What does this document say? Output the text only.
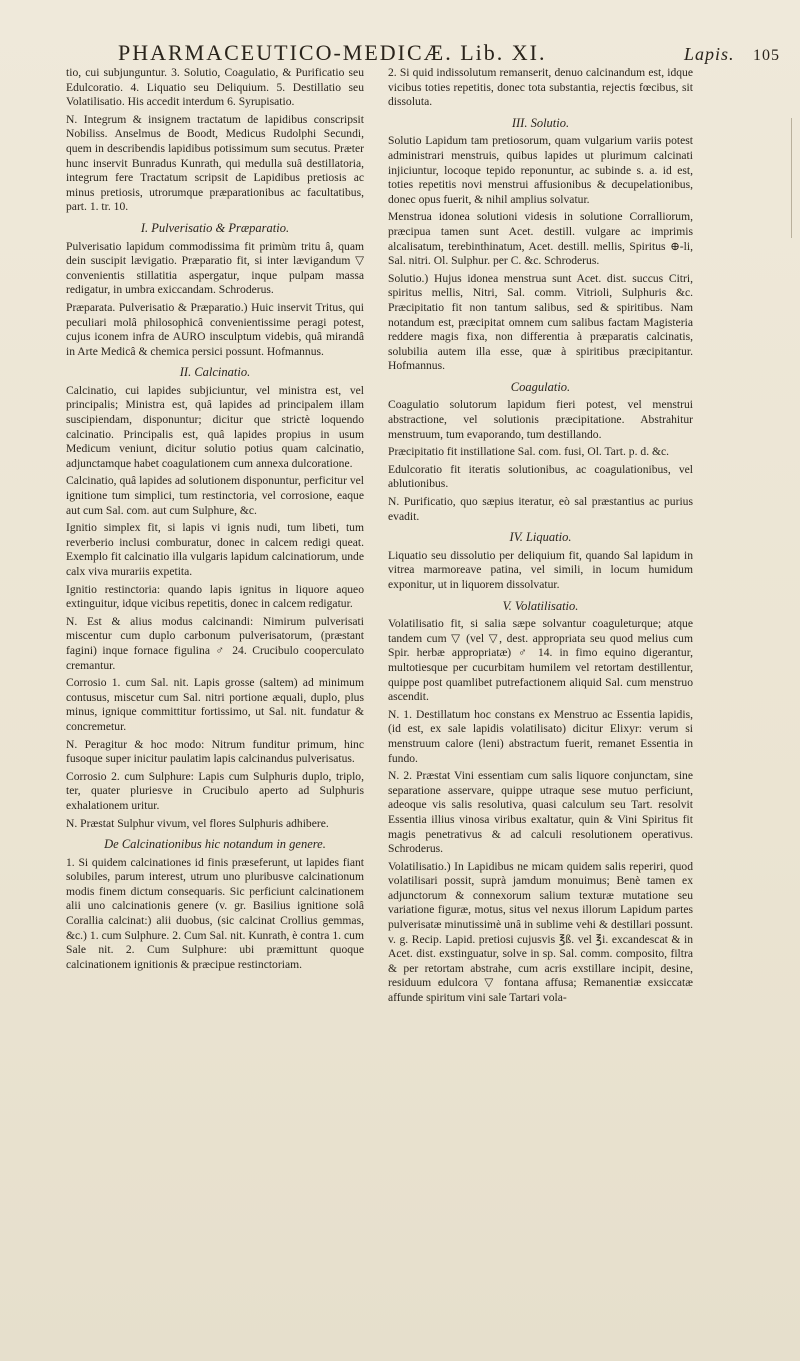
PHARMACEUTICO-MEDICÆ. Lib. XI.	Lapis. 105

tio, cui subjunguntur. 3. Solutio, Coagulatio, & Purificatio seu Edulcoratio. 4. Liquatio seu Deliquium. 5. Destillatio seu Volatilisatio. His accedit interdum 6. Syrupisatio.

N. Integrum & insignem tractatum de lapidibus conscripsit Nobiliss. Anselmus de Boodt, Medicus Rudolphi Secundi, quem in describendis lapidibus potissimum sum secutus. Præter hunc inservit Bunradus Kunrath, qui medulla suâ destillatoria, integrum fere Tractatum scripsit de Lapidibus pretiosis ac minus pretiosis, utrorumque præparationibus ac facultatibus, part. 1. tr. 10.

I. Pulverisatio & Præparatio.

Pulverisatio lapidum commodissima fit primùm tritu â, quam dein suscipit lævigatio. Præparatio fit, si inter lævigandum ▽ convenientis stillatitia aspergatur, inque pulpam massa redigatur, in umbra exiccandam. Schroderus.

Præparata. Pulverisatio & Præparatio.) Huic inservit Tritus, qui peculiari molâ philosophicâ convenientissime peragi potest, cujus iconem infra de AURO insculptum videbis, quâ mirandâ in Arte Medicâ & chemica persici possunt. Hofmannus.

II. Calcinatio.

Calcinatio, cui lapides subjiciuntur, vel ministra est, vel principalis; Ministra est, quâ lapides ad principalem illam suscipiendam, disponuntur; dicitur que strictè loquendo calcinatio. Principalis est, quâ lapides propius in usum Medicum veniunt, dicitur solutio potius quam calcinatio, adjunctamque habet coagulationem cum annexa dulcoratione.

Calcinatio, quâ lapides ad solutionem disponuntur, perficitur vel ignitione tum simplici, tum restinctoria, vel corrosione, eaque aut cum Sal. com. aut cum Sulphure, &c.

Ignitio simplex fit, si lapis vi ignis nudi, tum libeti, tum reverberio inclusi comburatur, donec in calcem redigi queat. Exemplo fit calcinatio illa vulgaris lapidum calcinatiorum, unde calx viva murariis expetita.

Ignitio restinctoria: quando lapis ignitus in liquore aqueo extinguitur, idque vicibus repetitis, donec in calcem redigatur.

N. Est & alius modus calcinandi: Nimirum pulverisati miscentur cum duplo carbonum pulverisatorum, (præstant fagini) inque fornace figulina ♂ 24. Crucibulo cooperculato cremantur.

Corrosio 1. cum Sal. nit. Lapis grosse (saltem) ad minimum contusus, miscetur cum Sal. nitri portione æquali, duplo, plus minus, ignique committitur fortissimo, ut Sal. nit. fundatur & concremetur.

N. Peragitur & hoc modo: Nitrum funditur primum, hinc fusoque super inicitur paulatim lapis calcinandus pulverisatus.

Corrosio 2. cum Sulphure: Lapis cum Sulphuris duplo, triplo, ter, quater pluriesve in Crucibulo aperto ad Sulphuris exhalationem uritur.

N. Præstat Sulphur vivum, vel flores Sulphuris adhibere.

De Calcinationibus hic notandum in genere.

1. Si quidem calcinationes id finis præseferunt, ut lapides fiant solubiles, parum interest, utrum uno pluribusve calcinationum modis finem dictum consequaris. Sic perficiunt calcinationem alii uno calcinationis genere (v. gr. Basilius ignitione solâ Corallia calcinat:) alii duobus, (sic calcinat Crollius gemmas, &c.) 1. cum Sulphure. 2. Cum Sal. nit. Kunrath, è contra 1. cum Sale nit. 2. Cum Sulphure: ubi præmittunt quoque calcinationem ignitionis & præcipue restinctoriam.

2. Si quid indissolutum remanserit, denuo calcinandum est, idque vicibus toties repetitis, donec tota substantia, rejectis fœcibus, sit dissoluta.

III. Solutio.

Solutio Lapidum tam pretiosorum, quam vulgarium variis potest administrari menstruis, quibus lapides ut plurimum calcinati injiciuntur, locoque tepido reponuntur, ac subinde s. a. id est, toties repetitis novi menstrui affusionibus & decupelationibus, donec opus fuerit, & nihil amplius solvatur.

Menstrua idonea solutioni videsis in solutione Corralliorum, præcipua tamen sunt Acet. destill. vulgare ac imprimis alcalisatum, terebinthinatum, Acet. destill. mellis, Spiritus ⊕-li, Sal. nitri. Ol. Sulphur. per C. &c. Schroderus.

Solutio.) Hujus idonea menstrua sunt Acet. dist. succus Citri, spiritus mellis, Nitri, Sal. comm. Vitrioli, Sulphuris &c. Præcipitatio fit non tantum salibus, sed & spiritibus. Nam notandum est, præcipitat omnem cum salibus factam Magisteria reddere magis fixa, non differentia à præparatis calcinatis, solubilia autem illa esse, quæ à spiritibus præcipitantur. Hofmannus.

Coagulatio.

Coagulatio solutorum lapidum fieri potest, vel menstrui abstractione, vel solutionis præcipitatione. Abstrahitur menstruum, tum evaporando, tum destillando.

Præcipitatio fit instillatione Sal. com. fusi, Ol. Tart. p. d. &c.

Edulcoratio fit iteratis solutionibus, ac coagulationibus, vel ablutionibus.

N. Purificatio, quo sæpius iteratur, eò sal præstantius ac purius evadit.

IV. Liquatio.

Liquatio seu dissolutio per deliquium fit, quando Sal lapidum in vitrea marmoreave patina, vel simili, in locum humidum exponitur, ut in liquorem dissolvatur.

V. Volatilisatio.

Volatilisatio fit, si salia sæpe solvantur coaguleturque; atque tandem cum ▽ (vel ▽, dest. appropriata seu quod melius cum Spir. herbæ appropriatæ) ♂ 14. in fimo equino digerantur, multotiesque per cucurbitam humilem vel retortam destillentur, quippe post quamlibet putrefactionem aliquid Sal. cum menstruo ascendit.

N. 1. Destillatum hoc constans ex Menstruo ac Essentia lapidis, (id est, ex sale lapidis volatilisato) dicitur Elixyr: verum si menstruum calore (leni) abstractum fuerit, remanet Essentia in fundo.

N. 2. Præstat Vini essentiam cum salis liquore conjunctam, sine separatione asservare, quippe utraque sese mutuo perficiunt, adeoque vis salis resolutiva, quasi calculum seu Tart. resolvit Essentia illius vinosa viribus exaltatur, quin & Vini Spiritus fit magis penetrativus & ad calculi resolutionem operativus. Schroderus.

Volatilisatio.) In Lapidibus ne micam quidem salis reperiri, quod volatilisari possit, suprà jamdum monuimus; Benè tamen ex adjunctorum & connexorum salium texturæ mutatione seu variatione figuræ, motus, situs vel nexus illorum Lapidum partes pulverisatæ minutissimè unâ in sublime vehi & destillari possunt. v. g. Recip. Lapid. pretiosi cujusvis ℥ß. vel ℥i. excandescat & in Acet. dist. exstinguatur, solve in sp. Sal. comm. composito, filtra & per retortam abstrahe, cum acris exstillare incipit, desine, residuum edulcora ▽ fontana affusa; Remanentiæ exsiccatæ affunde spiritum vini sale Tartari vola-
